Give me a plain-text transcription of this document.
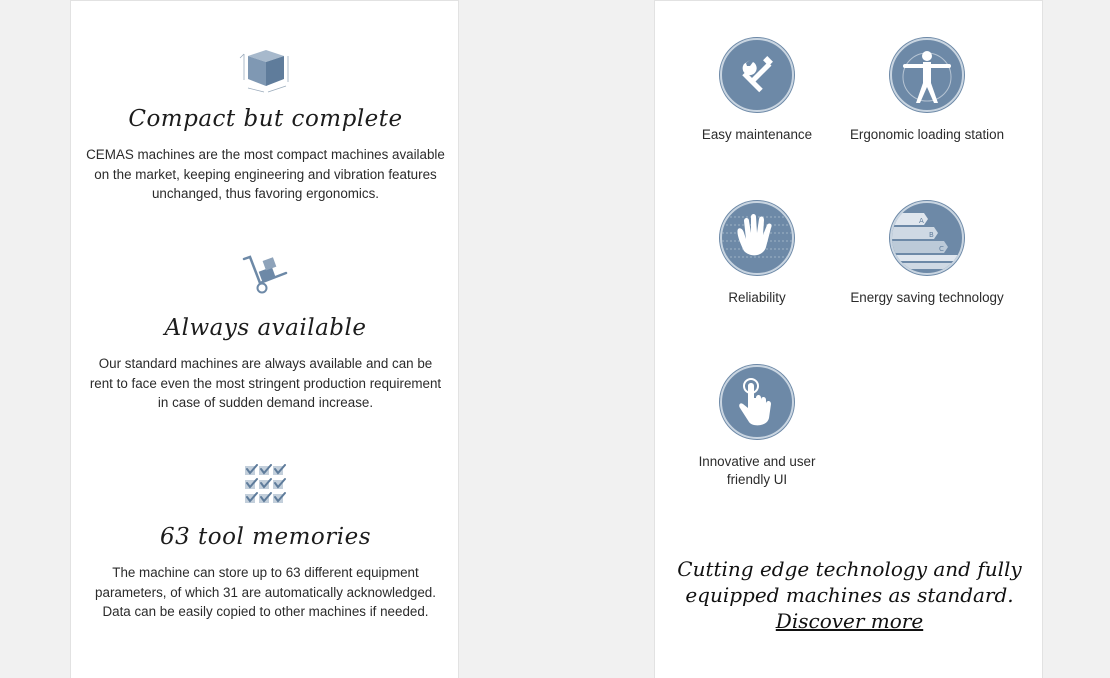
Compact but complete

CEMAS machines are the most compact machines available on the market, keeping engineering and vibration features unchanged, thus favoring ergonomics.

Always available

Our standard machines are always available and can be rent to face even the most stringent production requirement in case of sudden demand increase.

63 tool memories

The machine can store up to 63 different equipment parameters, of which 31 are automatically acknowledged. Data can be easily copied to other machines if needed.

Easy maintenance	Ergonomic loading station
Reliability
A
B
C
Energy saving technology
Innovative and user friendly UI
Cutting edge technology and fully
equipped machines as standard.
Discover more
